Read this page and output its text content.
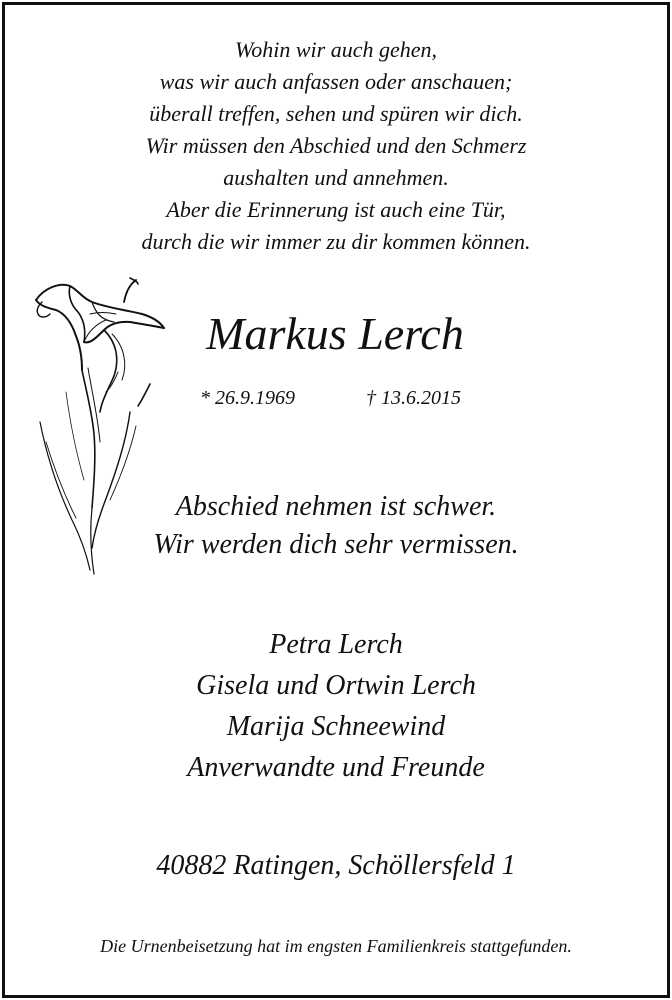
Wohin wir auch gehen,
was wir auch anfassen oder anschauen;
überall treffen, sehen und spüren wir dich.
Wir müssen den Abschied und den Schmerz
aushalten und annehmen.
Aber die Erinnerung ist auch eine Tür,
durch die wir immer zu dir kommen können.
Markus Lerch
* 26.9.1969	† 13.6.2015
Abschied nehmen ist schwer.
Wir werden dich sehr vermissen.
Petra Lerch
Gisela und Ortwin Lerch
Marija Schneewind
Anverwandte und Freunde
40882 Ratingen, Schöllersfeld 1
Die Urnenbeisetzung hat im engsten Familienkreis stattgefunden.
